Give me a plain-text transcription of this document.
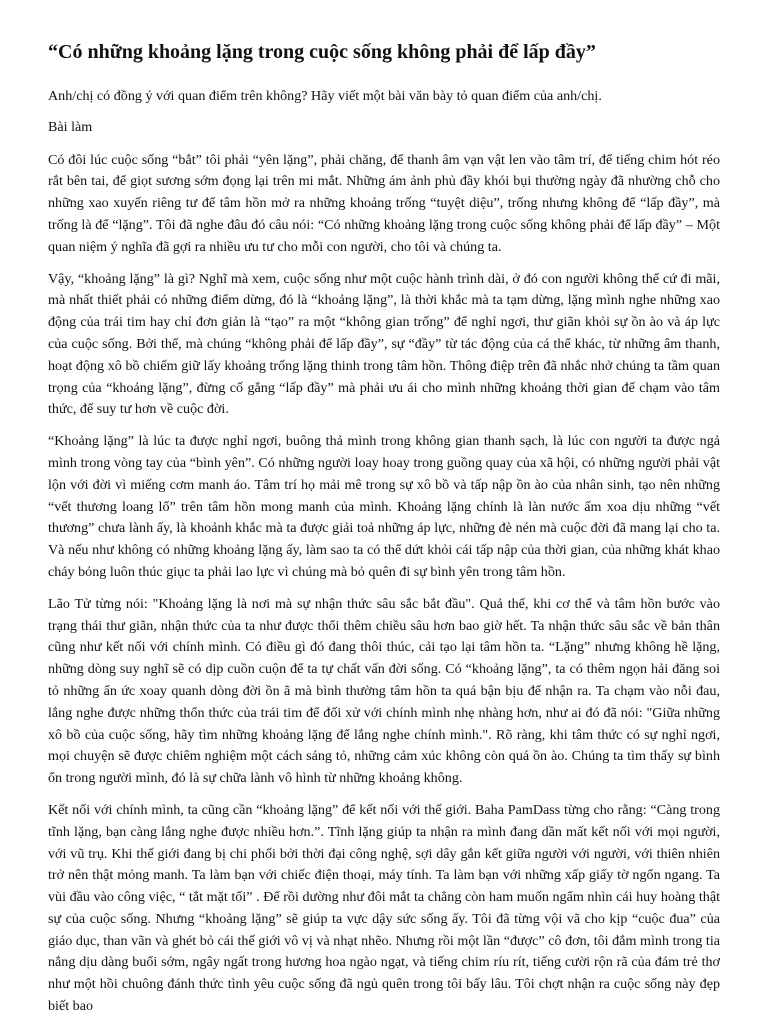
“Có những khoảng lặng trong cuộc sống không phải để lấp đầy”

Anh/chị có đồng ý với quan điểm trên không? Hãy viết một bài văn bày tỏ quan điểm của anh/chị.

Bài làm

Có đôi lúc cuộc sống “bắt” tôi phải “yên lặng”, phải chăng, để thanh âm vạn vật len vào tâm trí, để tiếng chim hót réo rắt bên tai, để giọt sương sớm đọng lại trên mi mắt. Những ám ảnh phủ đầy khói bụi thường ngày đã nhường chỗ cho những xao xuyến riêng tư để tâm hồn mở ra những khoảng trống “tuyệt diệu”, trống nhưng không để “lấp đầy”, mà trống là để “lặng”. Tôi đã nghe đâu đó câu nói: “Có những khoảng lặng trong cuộc sống không phải để lấp đầy” – Một quan niệm ý nghĩa đã gợi ra nhiều ưu tư cho mỗi con người, cho tôi và chúng ta.

Vậy, “khoảng lặng” là gì? Nghĩ mà xem, cuộc sống như một cuộc hành trình dài, ở đó con người không thể cứ đi mãi, mà nhất thiết phải có những điểm dừng, đó là “khoảng lặng”, là thời khắc mà ta tạm dừng, lặng mình nghe những xao động của trái tim hay chỉ đơn giản là “tạo” ra một “không gian trống” để nghỉ ngơi, thư giãn khỏi sự ồn ào và áp lực của cuộc sống. Bởi thế, mà chúng “không phải để lấp đầy”, sự “đầy” từ tác động của cá thể khác, từ những âm thanh, hoạt động xô bồ chiếm giữ lấy khoảng trống lặng thinh trong tâm hồn. Thông điệp trên đã nhắc nhở chúng ta tầm quan trọng của “khoảng lặng”, đừng cố gắng “lấp đầy” mà phải ưu ái cho mình những khoảng thời gian để chạm vào tâm thức, để suy tư hơn về cuộc đời.

“Khoảng lặng” là lúc ta được nghỉ ngơi, buông thả mình trong không gian thanh sạch, là lúc con người ta được ngả mình trong vòng tay của “bình yên”. Có những người loay hoay trong guồng quay của xã hội, có những người phải vật lộn với đời vì miếng cơm manh áo. Tâm trí họ mải mê trong sự xô bồ và tấp nập ồn ào của nhân sinh, tạo nên những “vết thương loang lổ” trên tâm hồn mong manh của mình. Khoảng lặng chính là làn nước ấm xoa dịu những “vết thương” chưa lành ấy, là khoảnh khắc mà ta được giải toả những áp lực, những đè nén mà cuộc đời đã mang lại cho ta. Và nếu như không có những khoảng lặng ấy, làm sao ta có thể dứt khỏi cái tấp nập của thời gian, của những khát khao cháy bỏng luôn thúc giục ta phải lao lực vì chúng mà bỏ quên đi sự bình yên trong tâm hồn.

Lão Tử từng nói: "Khoảng lặng là nơi mà sự nhận thức sâu sắc bắt đầu". Quả thế, khi cơ thể và tâm hồn bước vào trạng thái thư giãn, nhận thức của ta như được thổi thêm chiều sâu hơn bao giờ hết. Ta nhận thức sâu sắc về bản thân cũng như kết nối với chính mình. Có điều gì đó đang thôi thúc, cải tạo lại tâm hồn ta. “Lặng” nhưng không hề lặng, những dòng suy nghĩ sẽ có dịp cuồn cuộn để ta tự chất vấn đời sống. Có “khoảng lặng”, ta có thêm ngọn hải đăng soi tỏ những ẩn ức xoay quanh dòng đời ồn ã mà bình thường tâm hồn ta quá bận bịu để nhận ra. Ta chạm vào nỗi đau, lắng nghe được những thổn thức của trái tim để đối xử với chính mình nhẹ nhàng hơn, như ai đó đã nói: "Giữa những xô bồ của cuộc sống, hãy tìm những khoảng lặng để lắng nghe chính mình.". Rõ ràng, khi tâm thức có sự nghỉ ngơi, mọi chuyện sẽ được chiêm nghiệm một cách sáng tỏ, những cảm xúc không còn quá ồn ào. Chúng ta tìm thấy sự bình ổn trong người mình, đó là sự chữa lành vô hình từ những khoảng không.

Kết nối với chính mình, ta cũng cần “khoảng lặng” để kết nối với thế giới. Baha PamDass từng cho rằng: “Càng trong tĩnh lặng, bạn càng lắng nghe được nhiều hơn.”. Tĩnh lặng giúp ta nhận ra mình đang dần mất kết nối với mọi người, với vũ trụ. Khi thế giới đang bị chi phối bởi thời đại công nghệ, sợi dây gắn kết giữa người với người, với thiên nhiên trở nên thật mỏng manh. Ta làm bạn với chiếc điện thoại, máy tính. Ta làm bạn với những xấp giấy tờ ngổn ngang. Ta vùi đầu vào công việc, “ tắt mặt tối” . Để rồi dường như đôi mắt ta chẳng còn ham muốn ngẩm nhìn cái huy hoàng thật sự của cuộc sống. Nhưng “khoảng lặng” sẽ giúp ta vực dậy sức sống ấy. Tôi đã từng vội vã cho kịp “cuộc đua” của giáo dục, than vãn và ghét bỏ cái thế giới vô vị và nhạt nhẽo. Nhưng rồi một lần “được” cô đơn, tôi đắm mình trong tia nắng dịu dàng buổi sớm, ngây ngất trong hương hoa ngào ngạt, và tiếng chim ríu rít, tiếng cười rộn rã của đám trẻ thơ như một hồi chuông đánh thức tình yêu cuộc sống đã ngủ quên trong tôi bấy lâu. Tôi chợt nhận ra cuộc sống này đẹp biết bao
